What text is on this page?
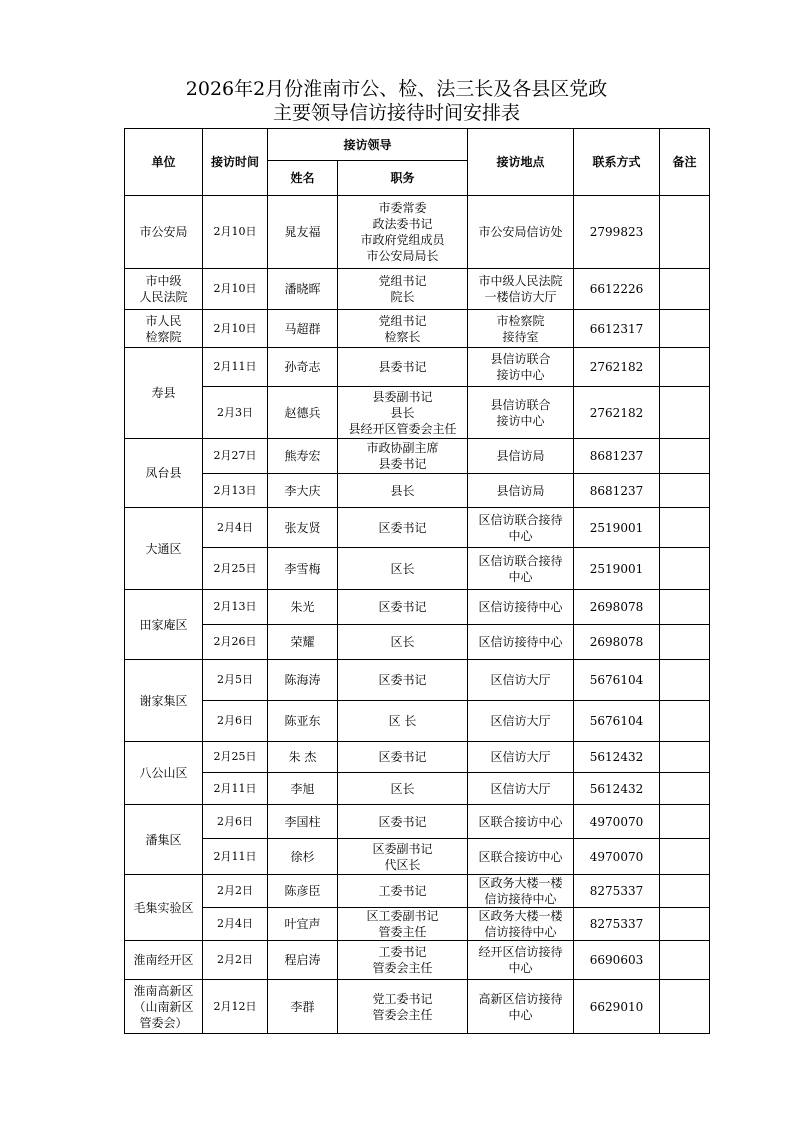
2026年2月份淮南市公、检、法三长及各县区党政
主要领导信访接待时间安排表
单位	接访时间	接访领导		接访地点	联系方式	备注
		姓名	职务			

市公安局	2月10日	晁友福	市委常委
政法委书记
市政府党组成员
市公安局局长	市公安局信访处	2799823	

市中级
人民法院	2月10日	潘晓晖	党组书记
院长	市中级人民法院
一楼信访大厅	6612226	

市人民
检察院	2月10日	马超群	党组书记
检察长	市检察院
接待室	6612317	

寿县	2月11日	孙奇志	县委书记	县信访联合
接访中心	2762182	

	2月3日	赵德兵	县委副书记
县长
县经开区管委会主任	县信访联合
接访中心	2762182	

凤台县	2月27日	熊寿宏	市政协副主席
县委书记	县信访局	8681237	

	2月13日	李大庆	县长	县信访局	8681237	

大通区	2月4日	张友贤	区委书记	区信访联合接待
中心	2519001	

	2月25日	李雪梅	区长	区信访联合接待
中心	2519001	

田家庵区	2月13日	朱光	区委书记	区信访接待中心	2698078	

	2月26日	荣耀	区长	区信访接待中心	2698078	

谢家集区	2月5日	陈海涛	区委书记	区信访大厅	5676104	

	2月6日	陈亚东	区 长	区信访大厅	5676104	

八公山区	2月25日	朱 杰	区委书记	区信访大厅	5612432	

	2月11日	李旭	区长	区信访大厅	5612432	

潘集区	2月6日	李国柱	区委书记	区联合接访中心	4970070	

	2月11日	徐杉	区委副书记
代区长	区联合接访中心	4970070	

毛集实验区	2月2日	陈彦臣	工委书记	区政务大楼一楼
信访接待中心	8275337	

	2月4日	叶宜声	区工委副书记
管委主任	区政务大楼一楼
信访接待中心	8275337	

淮南经开区	2月2日	程启涛	工委书记
管委会主任	经开区信访接待
中心	6690603	

淮南高新区
（山南新区
管委会）	2月12日	李群	党工委书记
管委会主任	高新区信访接待
中心	6629010	
